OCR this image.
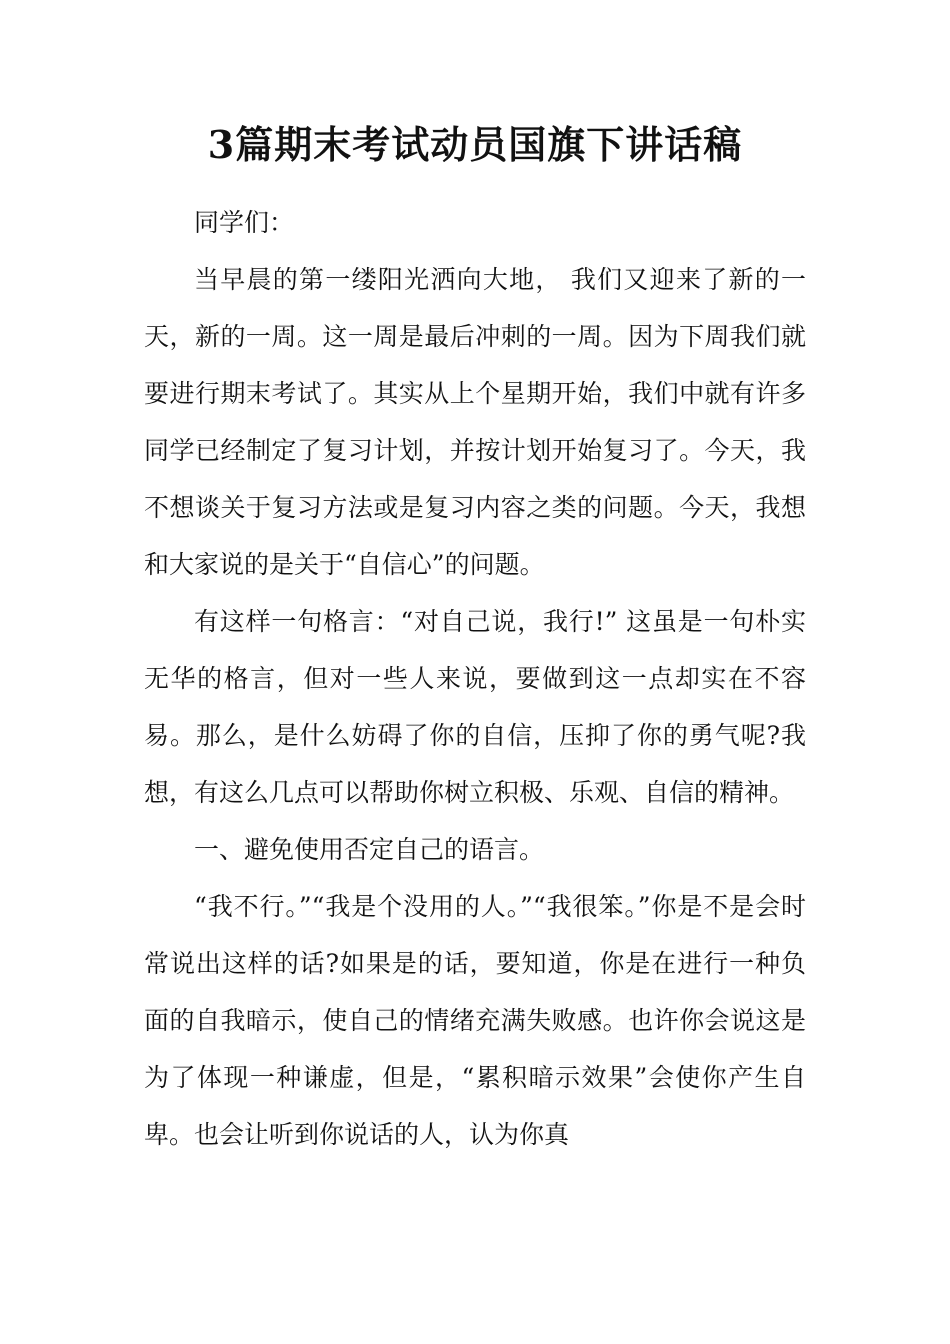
3篇期末考试动员国旗下讲话稿

同学们：

当早晨的第一缕阳光洒向大地， 我们又迎来了新的一天，新的一周。这一周是最后冲刺的一周。因为下周我们就要进行期末考试了。其实从上个星期开始，我们中就有许多同学已经制定了复习计划，并按计划开始复习了。今天，我不想谈关于复习方法或是复习内容之类的问题。今天，我想和大家说的是关于“自信心”的问题。

有这样一句格言：“对自己说，我行!” 这虽是一句朴实无华的格言，但对一些人来说，要做到这一点却实在不容易。那么，是什么妨碍了你的自信，压抑了你的勇气呢?我想，有这么几点可以帮助你树立积极、乐观、自信的精神。

一、避免使用否定自己的语言。

“我不行。”“我是个没用的人。”“我很笨。”你是不是会时常说出这样的话?如果是的话，要知道，你是在进行一种负面的自我暗示，使自己的情绪充满失败感。也许你会说这是为了体现一种谦虚，但是，“累积暗示效果”会使你产生自卑。也会让听到你说话的人，认为你真
